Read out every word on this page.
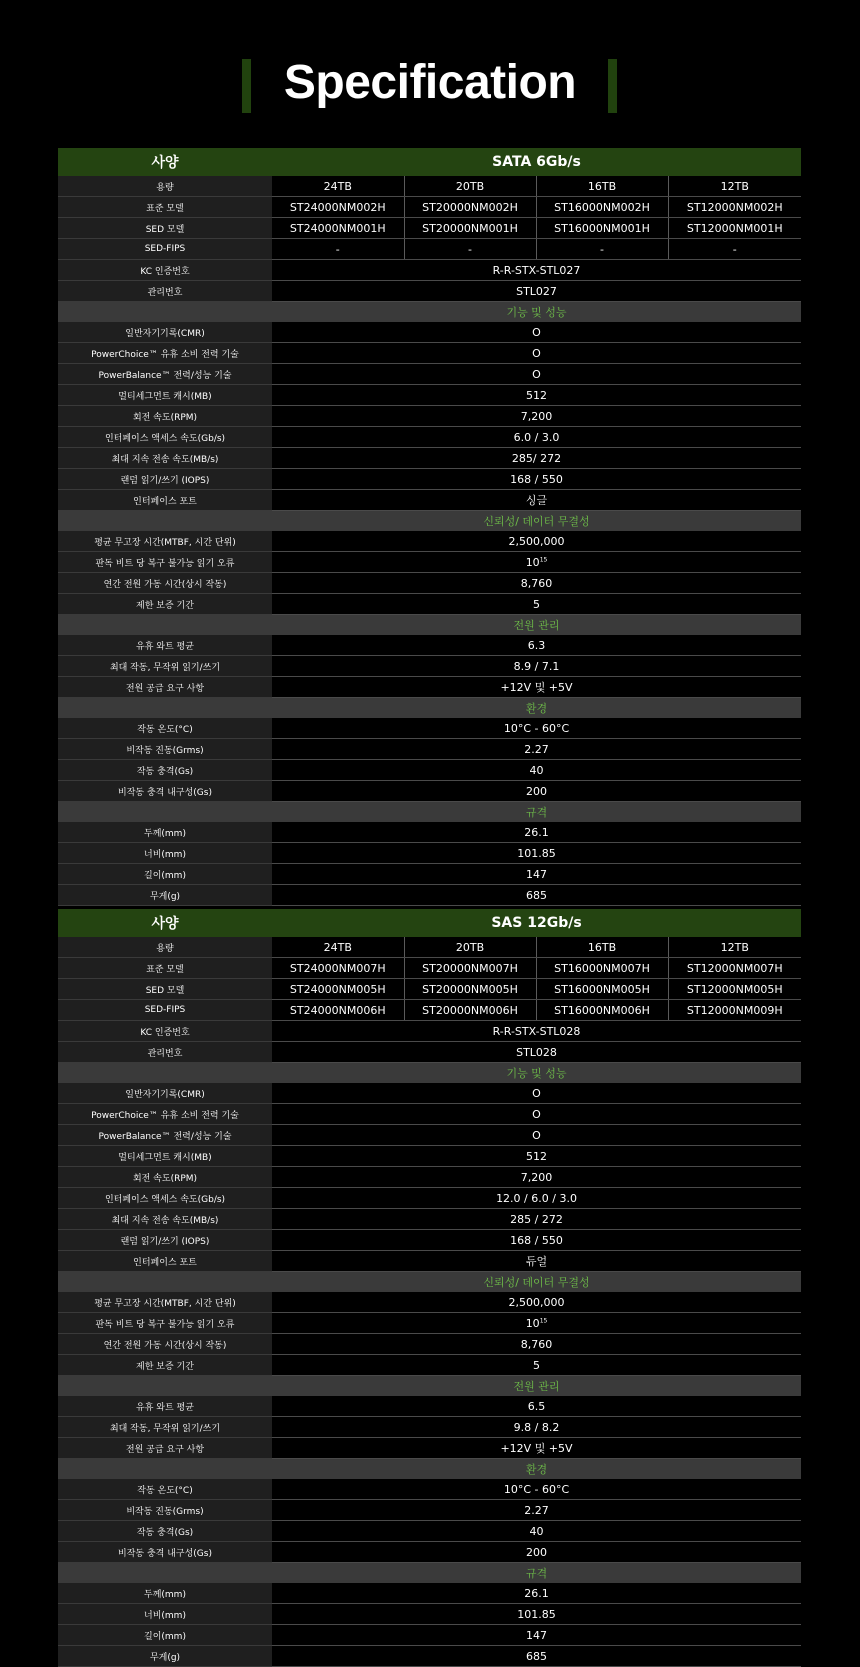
Specification
사양	SATA 6Gb/s			
용량	24TB	20TB	16TB	12TB
표준 모델	ST24000NM002H	ST20000NM002H	ST16000NM002H	ST12000NM002H
SED 모델	ST24000NM001H	ST20000NM001H	ST16000NM001H	ST12000NM001H
SED-FIPS	-	-	-	-
KC 인증번호	R-R-STX-STL027			
관리번호	STL027			
	기능 및 성능			
일반자기기록(CMR)	O			
PowerChoice™ 유휴 소비 전력 기술	O			
PowerBalance™ 전력/성능 기술	O			
멀티세그먼트 캐시(MB)	512			
회전 속도(RPM)	7,200			
인터페이스 액세스 속도(Gb/s)	6.0 / 3.0			
최대 지속 전송 속도(MB/s)	285/ 272			
랜덤 읽기/쓰기 (IOPS)	168 / 550			
인터페이스 포트	싱글			
	신뢰성/ 데이터 무결성			
평균 무고장 시간(MTBF, 시간 단위)	2,500,000			
판독 비트 당 복구 불가능 읽기 오류	$10^{15}$
연간 전원 가동 시간(상시 작동)	8,760			
제한 보증 기간	5			
	전원 관리			
유휴 와트 평균	6.3			
최대 작동, 무작위 읽기/쓰기	8.9 / 7.1			
전원 공급 요구 사항	+12V 및 +5V			
	환경			
작동 온도(°C)	10°C - 60°C			
비작동 진동(Grms)	2.27			
작동 충격(Gs)	40			
비작동 충격 내구성(Gs)	200			
	규격			
두께(mm)	26.1			
너비(mm)	101.85			
길이(mm)	147			
무게(g)	685			
사양	SAS 12Gb/s			
용량	24TB	20TB	16TB	12TB
표준 모델	ST24000NM007H	ST20000NM007H	ST16000NM007H	ST12000NM007H
SED 모델	ST24000NM005H	ST20000NM005H	ST16000NM005H	ST12000NM005H
SED-FIPS	ST24000NM006H	ST20000NM006H	ST16000NM006H	ST12000NM009H
KC 인증번호	R-R-STX-STL028			
관리번호	STL028			
	기능 및 성능			
일반자기기록(CMR)	O			
PowerChoice™ 유휴 소비 전력 기술	O			
PowerBalance™ 전력/성능 기술	O			
멀티세그먼트 캐시(MB)	512			
회전 속도(RPM)	7,200			
인터페이스 액세스 속도(Gb/s)	12.0 / 6.0 / 3.0			
최대 지속 전송 속도(MB/s)	285 / 272			
랜덤 읽기/쓰기 (IOPS)	168 / 550			
인터페이스 포트	듀얼			
	신뢰성/ 데이터 무결성			
평균 무고장 시간(MTBF, 시간 단위)	2,500,000			
판독 비트 당 복구 불가능 읽기 오류	$10^{15}$
연간 전원 가동 시간(상시 작동)	8,760			
제한 보증 기간	5			
	전원 관리			
유휴 와트 평균	6.5			
최대 작동, 무작위 읽기/쓰기	9.8 / 8.2			
전원 공급 요구 사항	+12V 및 +5V			
	환경			
작동 온도(°C)	10°C - 60°C			
비작동 진동(Grms)	2.27			
작동 충격(Gs)	40			
비작동 충격 내구성(Gs)	200			
	규격			
두께(mm)	26.1			
너비(mm)	101.85			
길이(mm)	147			
무게(g)	685			
